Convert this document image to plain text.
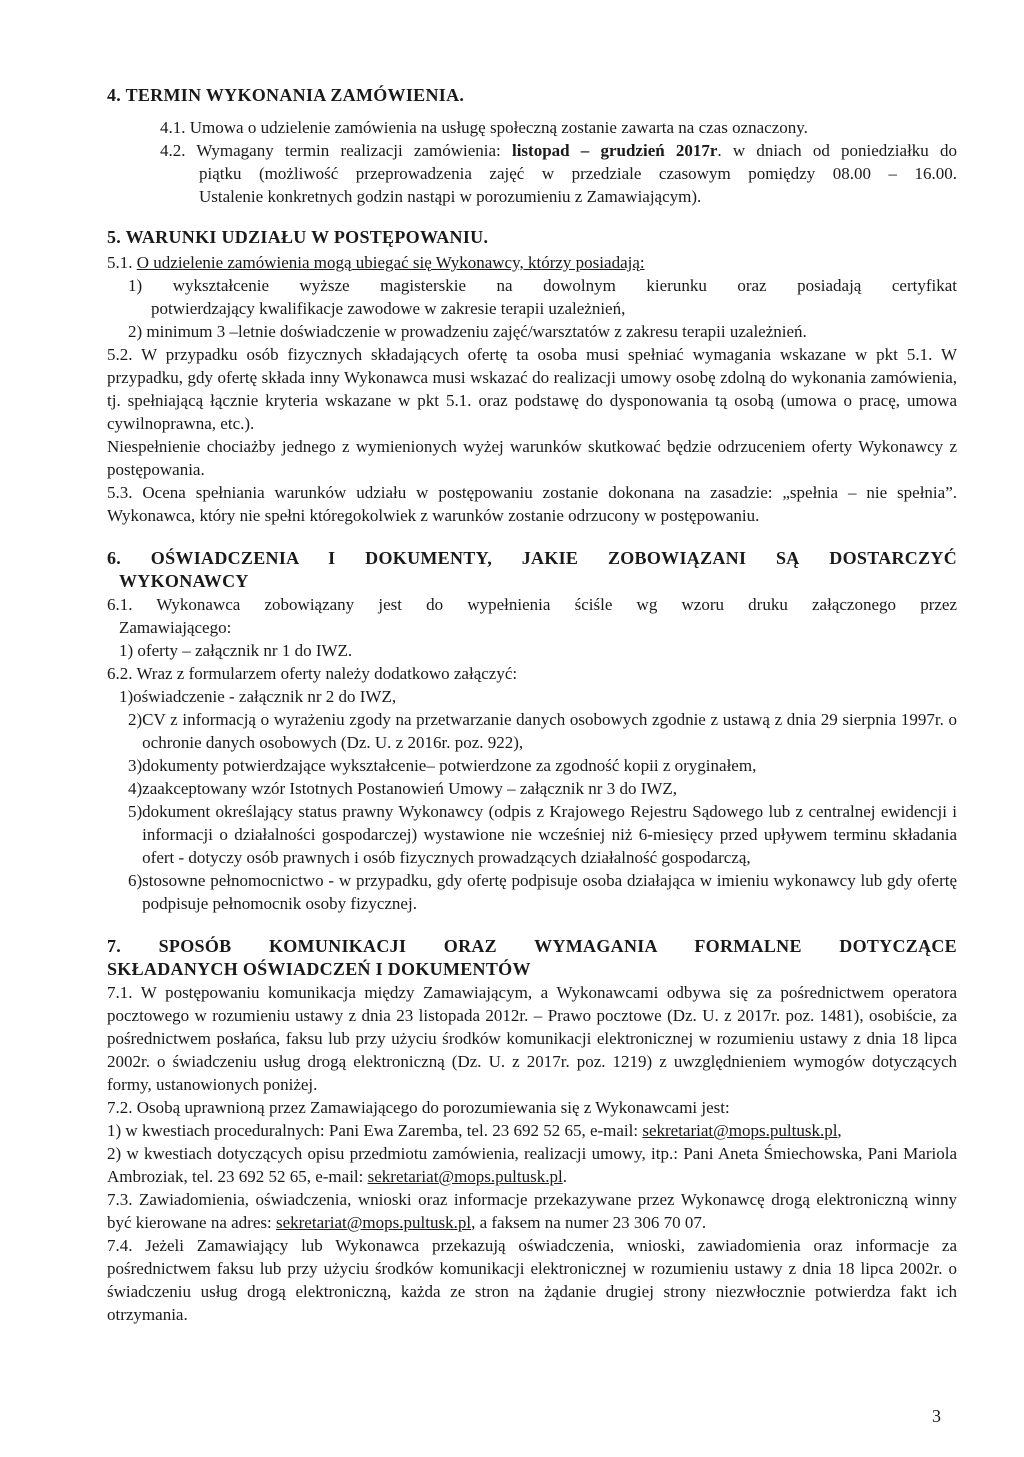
4. TERMIN WYKONANIA ZAMÓWIENIA.
4.1. Umowa o udzielenie zamówienia na usługę społeczną zostanie zawarta na czas oznaczony.
4.2. Wymagany termin realizacji zamówienia: listopad – grudzień 2017r. w dniach od poniedziałku do
piątku (możliwość przeprowadzenia zajęć w przedziale czasowym pomiędzy 08.00 – 16.00.
Ustalenie konkretnych godzin nastąpi w porozumieniu z Zamawiającym).
5. WARUNKI UDZIAŁU W POSTĘPOWANIU.
5.1. O udzielenie zamówienia mogą ubiegać się Wykonawcy, którzy posiadają:
1) wykształcenie wyższe magisterskie na dowolnym kierunku oraz posiadają certyfikat
potwierdzający kwalifikacje zawodowe w zakresie terapii uzależnień,
2) minimum 3 –letnie doświadczenie w prowadzeniu zajęć/warsztatów z zakresu terapii uzależnień.
5.2. W przypadku osób fizycznych składających ofertę ta osoba musi spełniać wymagania wskazane w pkt 5.1. W przypadku, gdy ofertę składa inny Wykonawca musi wskazać do realizacji umowy osobę zdolną do wykonania zamówienia, tj. spełniającą łącznie kryteria wskazane w pkt 5.1. oraz podstawę do dysponowania tą osobą (umowa o pracę, umowa cywilnoprawna, etc.).
Niespełnienie chociażby jednego z wymienionych wyżej warunków skutkować będzie odrzuceniem oferty Wykonawcy z postępowania.
5.3. Ocena spełniania warunków udziału w postępowaniu zostanie dokonana na zasadzie: „spełnia – nie spełnia”. Wykonawca, który nie spełni któregokolwiek z warunków zostanie odrzucony w postępowaniu.
6. OŚWIADCZENIA I DOKUMENTY, JAKIE ZOBOWIĄZANI SĄ DOSTARCZYĆ
WYKONAWCY
6.1. Wykonawca zobowiązany jest do wypełnienia ściśle wg wzoru druku załączonego przez
Zamawiającego:
1) oferty – załącznik nr 1 do IWZ.
6.2. Wraz z formularzem oferty należy dodatkowo załączyć:
1) oświadczenie - załącznik nr 2 do IWZ,
2) CV z informacją o wyrażeniu zgody na przetwarzanie danych osobowych zgodnie z ustawą z dnia 29 sierpnia 1997r. o ochronie danych osobowych (Dz. U. z 2016r. poz. 922),
3) dokumenty potwierdzające wykształcenie– potwierdzone za zgodność kopii z oryginałem,
4) zaakceptowany wzór Istotnych Postanowień Umowy – załącznik nr 3 do IWZ,
5) dokument określający status prawny Wykonawcy (odpis z Krajowego Rejestru Sądowego lub z centralnej ewidencji i informacji o działalności gospodarczej) wystawione nie wcześniej niż 6-miesięcy przed upływem terminu składania ofert - dotyczy osób prawnych i osób fizycznych prowadzących działalność gospodarczą,
6) stosowne pełnomocnictwo - w przypadku, gdy ofertę podpisuje osoba działająca w imieniu wykonawcy lub gdy ofertę podpisuje pełnomocnik osoby fizycznej.
7. SPOSÓB KOMUNIKACJI ORAZ WYMAGANIA FORMALNE DOTYCZĄCE
SKŁADANYCH OŚWIADCZEŃ I DOKUMENTÓW
7.1. W postępowaniu komunikacja między Zamawiającym, a Wykonawcami odbywa się za pośrednictwem operatora pocztowego w rozumieniu ustawy z dnia 23 listopada 2012r. – Prawo pocztowe (Dz. U. z 2017r. poz. 1481), osobiście, za pośrednictwem posłańca, faksu lub przy użyciu środków komunikacji elektronicznej w rozumieniu ustawy z dnia 18 lipca 2002r. o świadczeniu usług drogą elektroniczną (Dz. U. z 2017r. poz. 1219) z uwzględnieniem wymogów dotyczących formy, ustanowionych poniżej.
7.2. Osobą uprawnioną przez Zamawiającego do porozumiewania się z Wykonawcami jest:
1) w kwestiach proceduralnych: Pani Ewa Zaremba, tel. 23 692 52 65, e-mail: sekretariat@mops.pultusk.pl,
2) w kwestiach dotyczących opisu przedmiotu zamówienia, realizacji umowy, itp.: Pani Aneta Śmiechowska, Pani Mariola Ambroziak, tel. 23 692 52 65, e-mail: sekretariat@mops.pultusk.pl.
7.3. Zawiadomienia, oświadczenia, wnioski oraz informacje przekazywane przez Wykonawcę drogą elektroniczną winny być kierowane na adres: sekretariat@mops.pultusk.pl, a faksem na numer 23 306 70 07.
7.4. Jeżeli Zamawiający lub Wykonawca przekazują oświadczenia, wnioski, zawiadomienia oraz informacje za pośrednictwem faksu lub przy użyciu środków komunikacji elektronicznej w rozumieniu ustawy z dnia 18 lipca 2002r. o świadczeniu usług drogą elektroniczną, każda ze stron na żądanie drugiej strony niezwłocznie potwierdza fakt ich otrzymania.
3
